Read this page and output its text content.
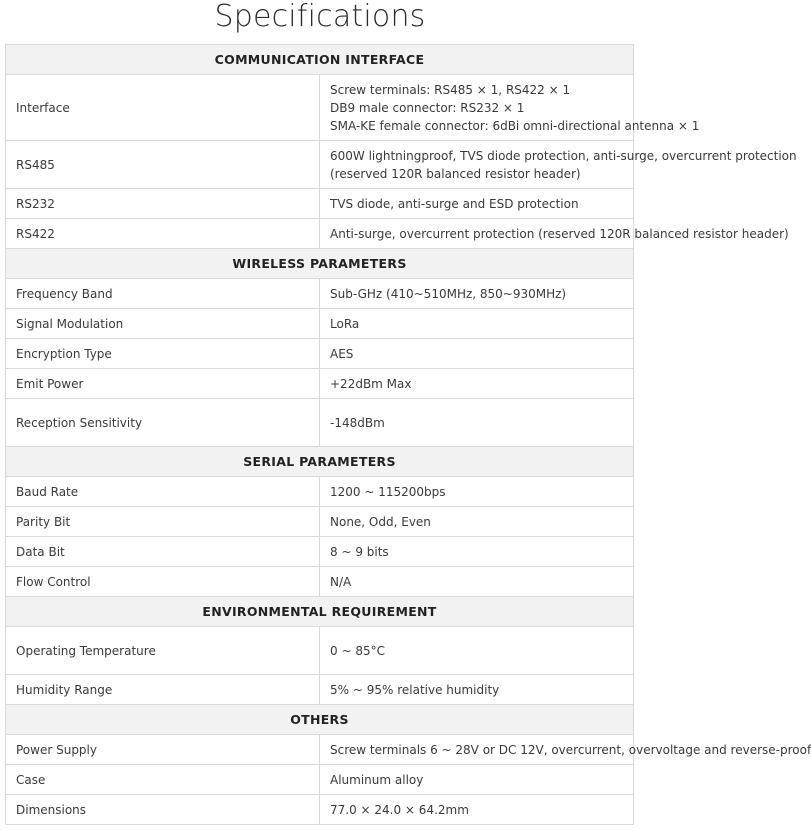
Specifications
COMMUNICATION INTERFACE	
Interface	Screw terminals: RS485 × 1, RS422 × 1
DB9 male connector: RS232 × 1
SMA-KE female connector: 6dBi omni-directional antenna × 1

RS485	600W lightningproof, TVS diode protection, anti-surge, overcurrent protection
(reserved 120R balanced resistor header)

RS232	TVS diode, anti-surge and ESD protection

RS422	Anti-surge, overcurrent protection (reserved 120R balanced resistor header)

WIRELESS PARAMETERS	
Frequency Band	Sub-GHz (410~510MHz, 850~930MHz)

Signal Modulation	LoRa

Encryption Type	AES

Emit Power	+22dBm Max

Reception Sensitivity	-148dBm

SERIAL PARAMETERS	
Baud Rate	1200 ~ 115200bps

Parity Bit	None, Odd, Even

Data Bit	8 ~ 9 bits

Flow Control	N/A

ENVIRONMENTAL REQUIREMENT	
Operating Temperature	0 ~ 85°C

Humidity Range	5% ~ 95% relative humidity

OTHERS	
Power Supply	Screw terminals 6 ~ 28V or DC 12V, overcurrent, overvoltage and reverse-proof

Case	Aluminum alloy

Dimensions	77.0 × 24.0 × 64.2mm
